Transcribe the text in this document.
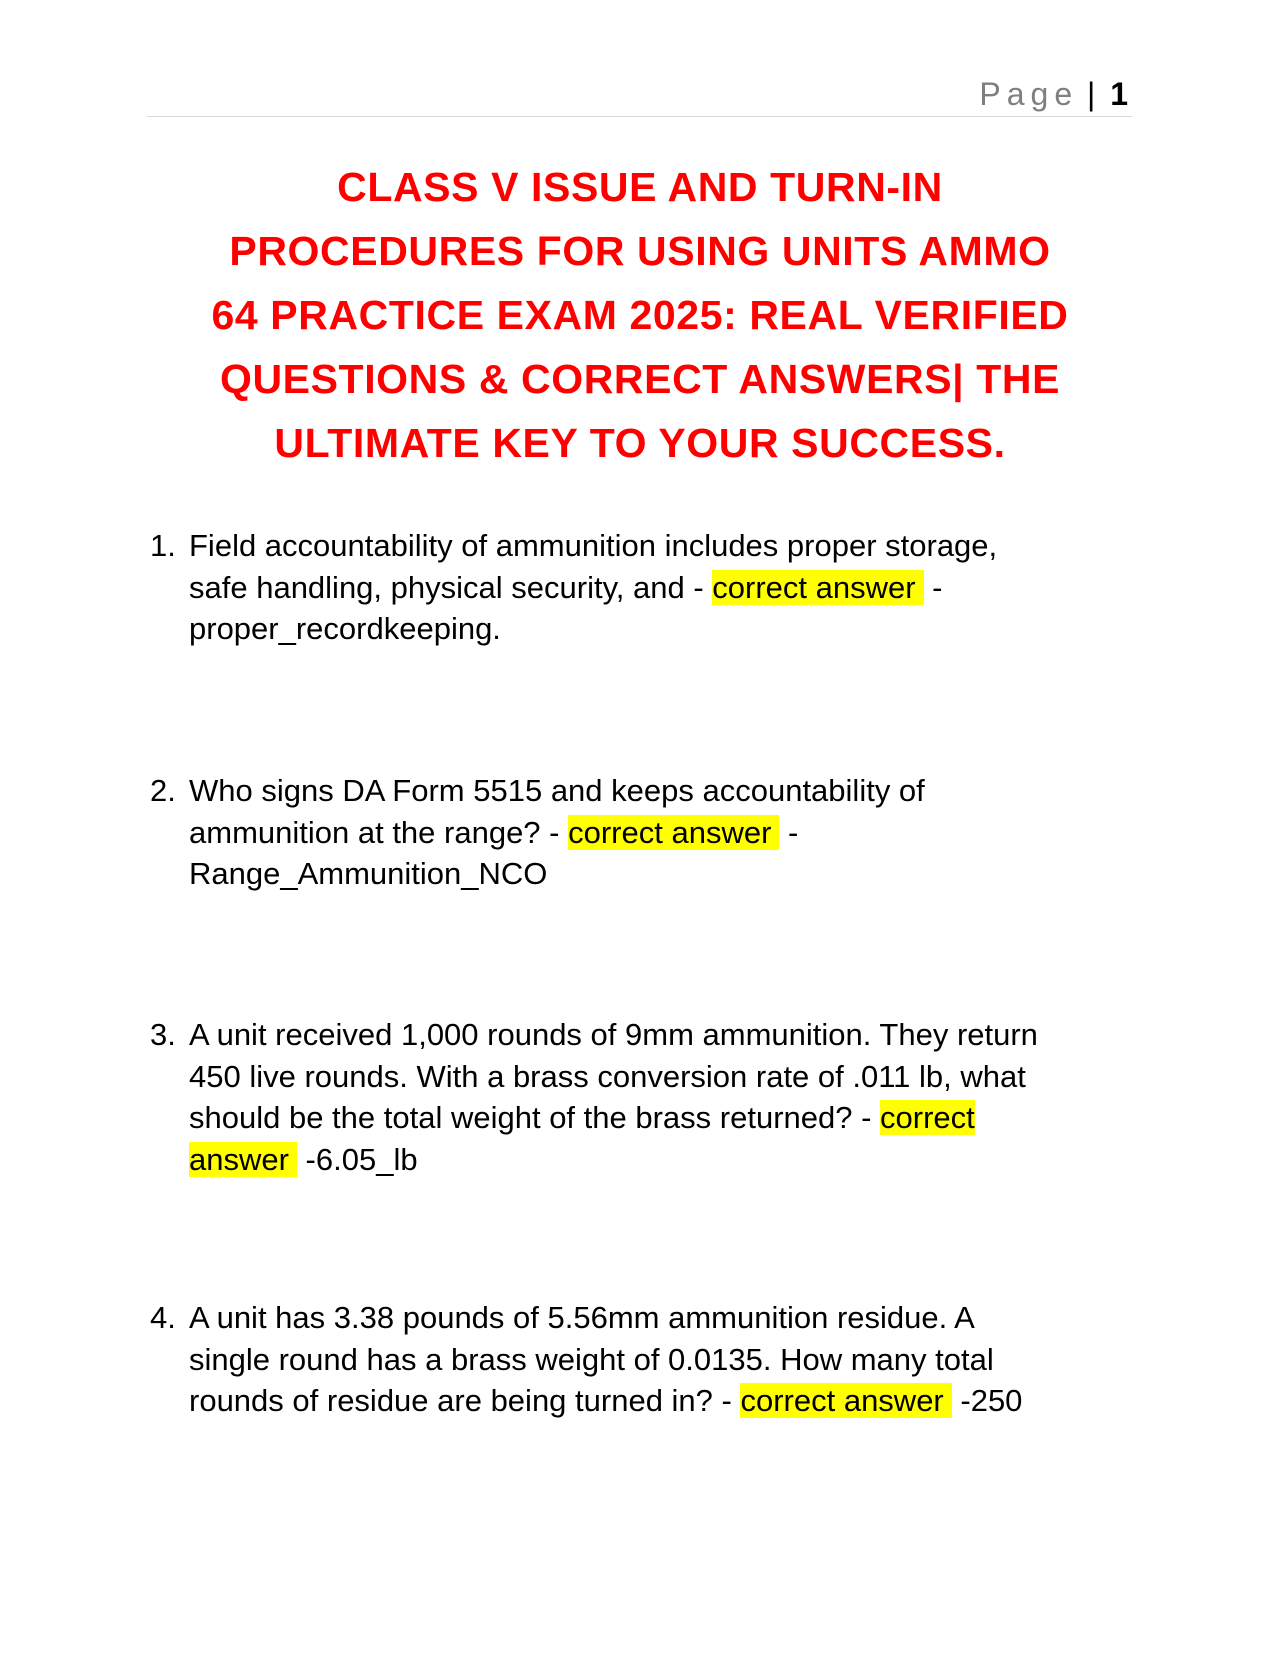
Page | 1
CLASS V ISSUE AND TURN-IN
PROCEDURES FOR USING UNITS AMMO
64 PRACTICE EXAM 2025: REAL VERIFIED
QUESTIONS & CORRECT ANSWERS| THE
ULTIMATE KEY TO YOUR SUCCESS.
1. Field accountability of ammunition includes proper storage,
safe handling, physical security, and - correct answer -
proper_recordkeeping.
2. Who signs DA Form 5515 and keeps accountability of
ammunition at the range? - correct answer -
Range_Ammunition_NCO
3. A unit received 1,000 rounds of 9mm ammunition. They return
450 live rounds. With a brass conversion rate of .011 lb, what
should be the total weight of the brass returned? - correct
answer -6.05_lb
4. A unit has 3.38 pounds of 5.56mm ammunition residue. A
single round has a brass weight of 0.0135. How many total
rounds of residue are being turned in? - correct answer -250
